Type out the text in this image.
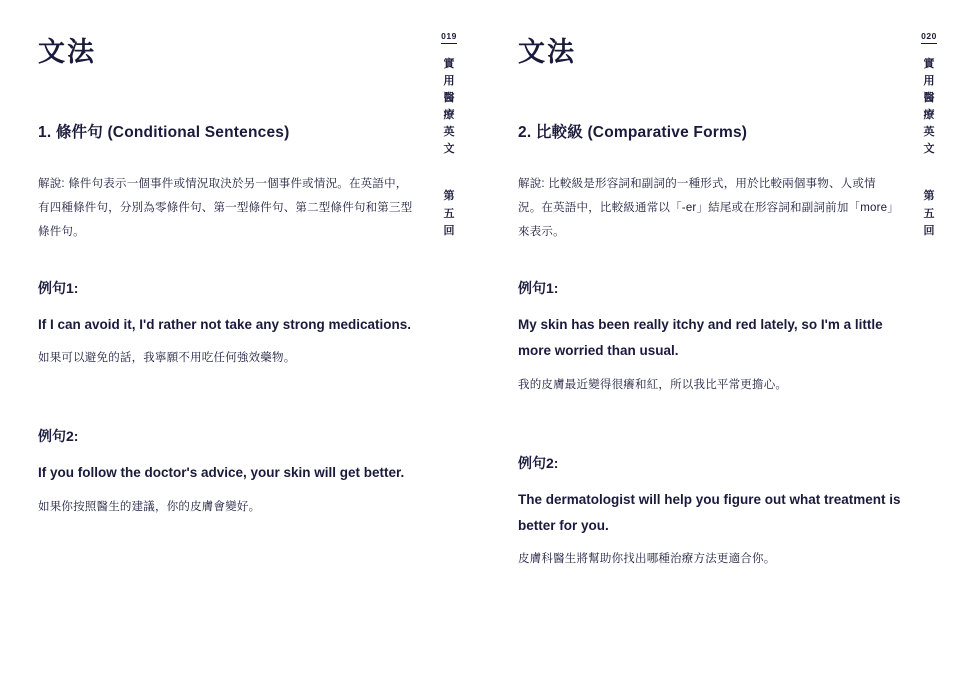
019
實
用
醫
療
英
文
第
五
回
文法
1. 條件句 (Conditional Sentences)

解說: 條件句表示一個事件或情況取決於另一個事件或情況。在英語中，有四種條件句，分別為零條件句、第一型條件句、第二型條件句和第三型條件句。

例句1:
If I can avoid it, I'd rather not take any strong medications.
如果可以避免的話，我寧願不用吃任何強效藥物。
例句2:
If you follow the doctor's advice, your skin will get better.
如果你按照醫生的建議，你的皮膚會變好。
020
實
用
醫
療
英
文
第
五
回
文法
2. 比較級 (Comparative Forms)

解說: 比較級是形容詞和副詞的一種形式，用於比較兩個事物、人或情況。在英語中，比較級通常以「-er」結尾或在形容詞和副詞前加「more」來表示。

例句1:
My skin has been really itchy and red lately, so I'm a little more worried than usual.
我的皮膚最近變得很癢和紅，所以我比平常更擔心。
例句2:
The dermatologist will help you figure out what treatment is better for you.
皮膚科醫生將幫助你找出哪種治療方法更適合你。
